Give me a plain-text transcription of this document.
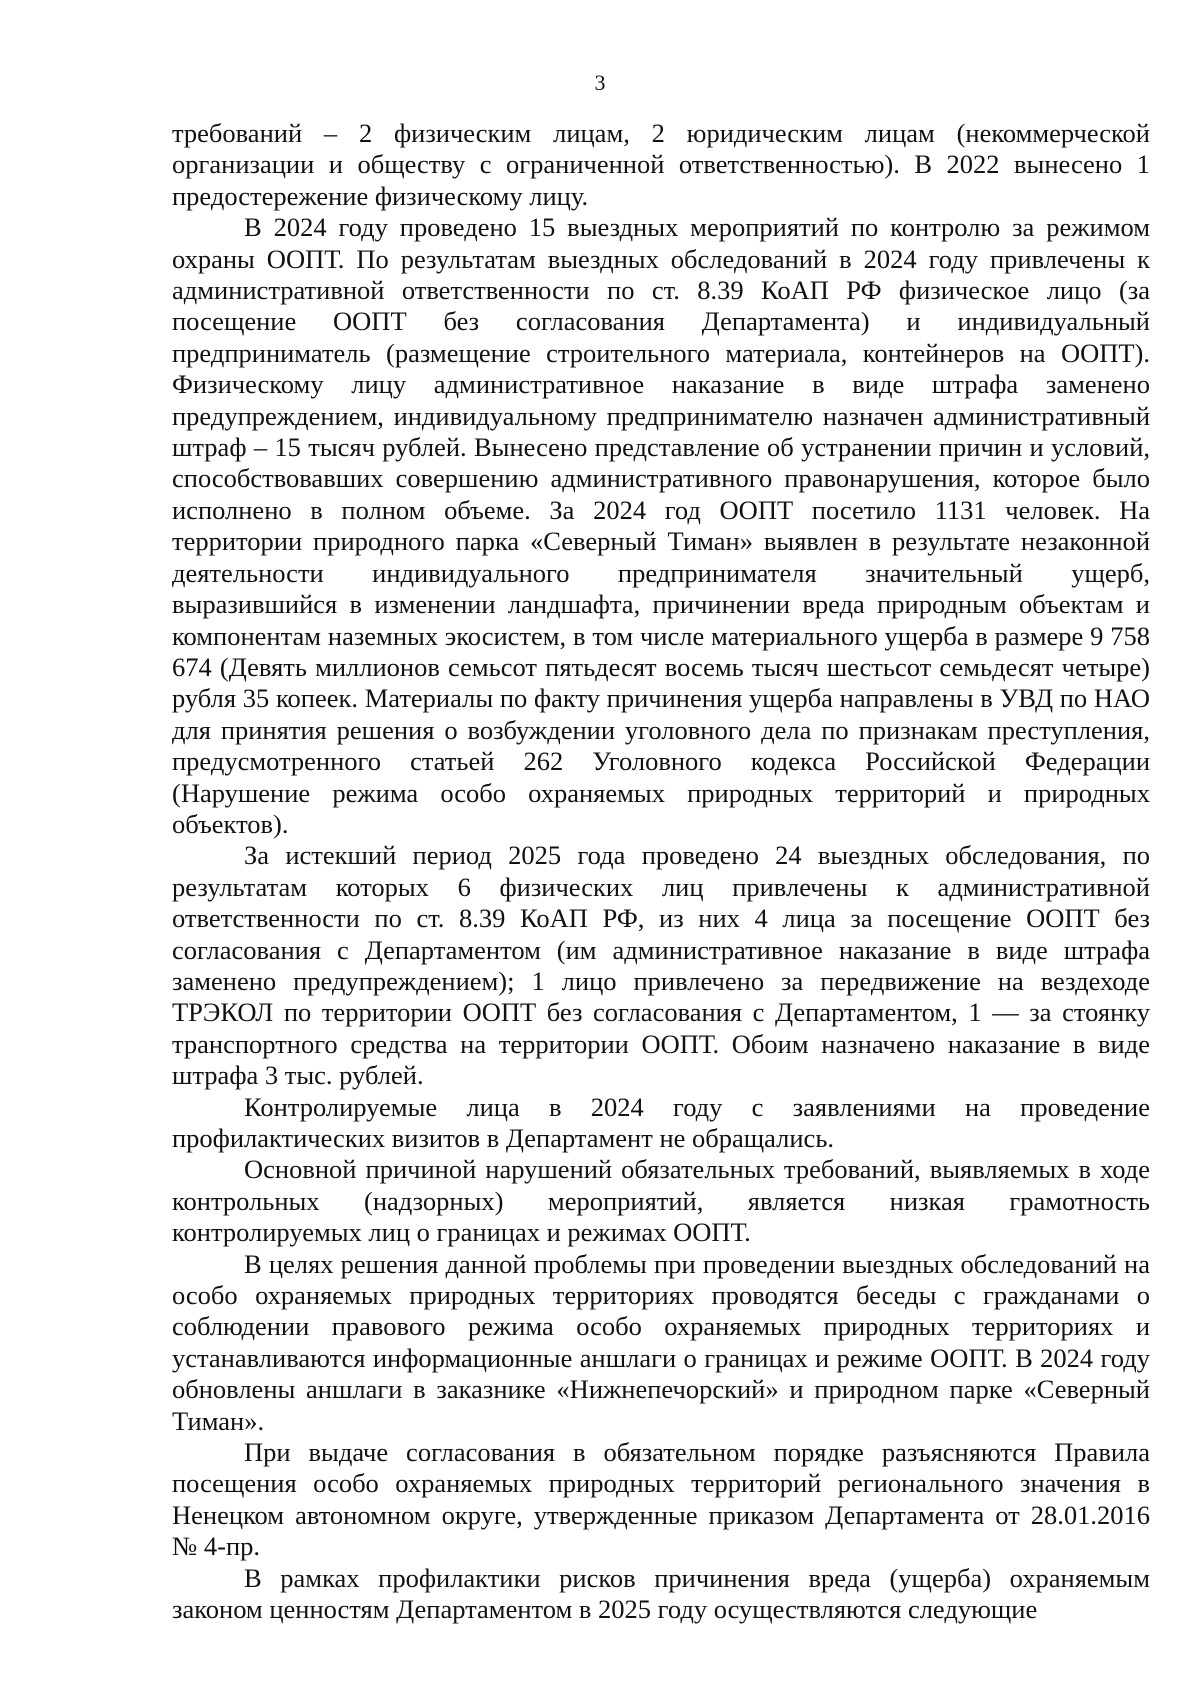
3

требований – 2 физическим лицам, 2 юридическим лицам (некоммерческой организации и обществу с ограниченной ответственностью). В 2022 вынесено 1 предостережение физическому лицу.

В 2024 году проведено 15 выездных мероприятий по контролю за режимом охраны ООПТ. По результатам выездных обследований в 2024 году привлечены к административной ответственности по ст. 8.39 КоАП РФ физическое лицо (за посещение ООПТ без согласования Департамента) и индивидуальный предприниматель (размещение строительного материала, контейнеров на ООПТ). Физическому лицу административное наказание в виде штрафа заменено предупреждением, индивидуальному предпринимателю назначен административный штраф – 15 тысяч рублей. Вынесено представление об устранении причин и условий, способствовавших совершению административного правонарушения, которое было исполнено в полном объеме. За 2024 год ООПТ посетило 1131 человек. На территории природного парка «Северный Тиман» выявлен в результате незаконной деятельности индивидуального предпринимателя значительный ущерб, выразившийся в изменении ландшафта, причинении вреда природным объектам и компонентам наземных экосистем, в том числе материального ущерба в размере 9 758 674 (Девять миллионов семьсот пятьдесят восемь тысяч шестьсот семьдесят четыре) рубля 35 копеек. Материалы по факту причинения ущерба направлены в УВД по НАО для принятия решения о возбуждении уголовного дела по признакам преступления, предусмотренного статьей 262 Уголовного кодекса Российской Федерации (Нарушение режима особо охраняемых природных территорий и природных объектов).

За истекший период 2025 года проведено 24 выездных обследования, по результатам которых 6 физических лиц привлечены к административной ответственности по ст. 8.39 КоАП РФ, из них 4 лица за посещение ООПТ без согласования с Департаментом (им административное наказание в виде штрафа заменено предупреждением); 1 лицо привлечено за передвижение на вездеходе ТРЭКОЛ по территории ООПТ без согласования с Департаментом, 1 — за стоянку транспортного средства на территории ООПТ. Обоим назначено наказание в виде штрафа 3 тыс. рублей.

Контролируемые лица в 2024 году с заявлениями на проведение профилактических визитов в Департамент не обращались.

Основной причиной нарушений обязательных требований, выявляемых в ходе контрольных (надзорных) мероприятий, является низкая грамотность контролируемых лиц о границах и режимах ООПТ.

В целях решения данной проблемы при проведении выездных обследований на особо охраняемых природных территориях проводятся беседы с гражданами о соблюдении правового режима особо охраняемых природных территориях и устанавливаются информационные аншлаги о границах и режиме ООПТ. В 2024 году обновлены аншлаги в заказнике «Нижнепечорский» и природном парке «Северный Тиман».

При выдаче согласования в обязательном порядке разъясняются Правила посещения особо охраняемых природных территорий регионального значения в Ненецком автономном округе, утвержденные приказом Департамента от 28.01.2016 № 4-пр.

В рамках профилактики рисков причинения вреда (ущерба) охраняемым законом ценностям Департаментом в 2025 году осуществляются следующие
